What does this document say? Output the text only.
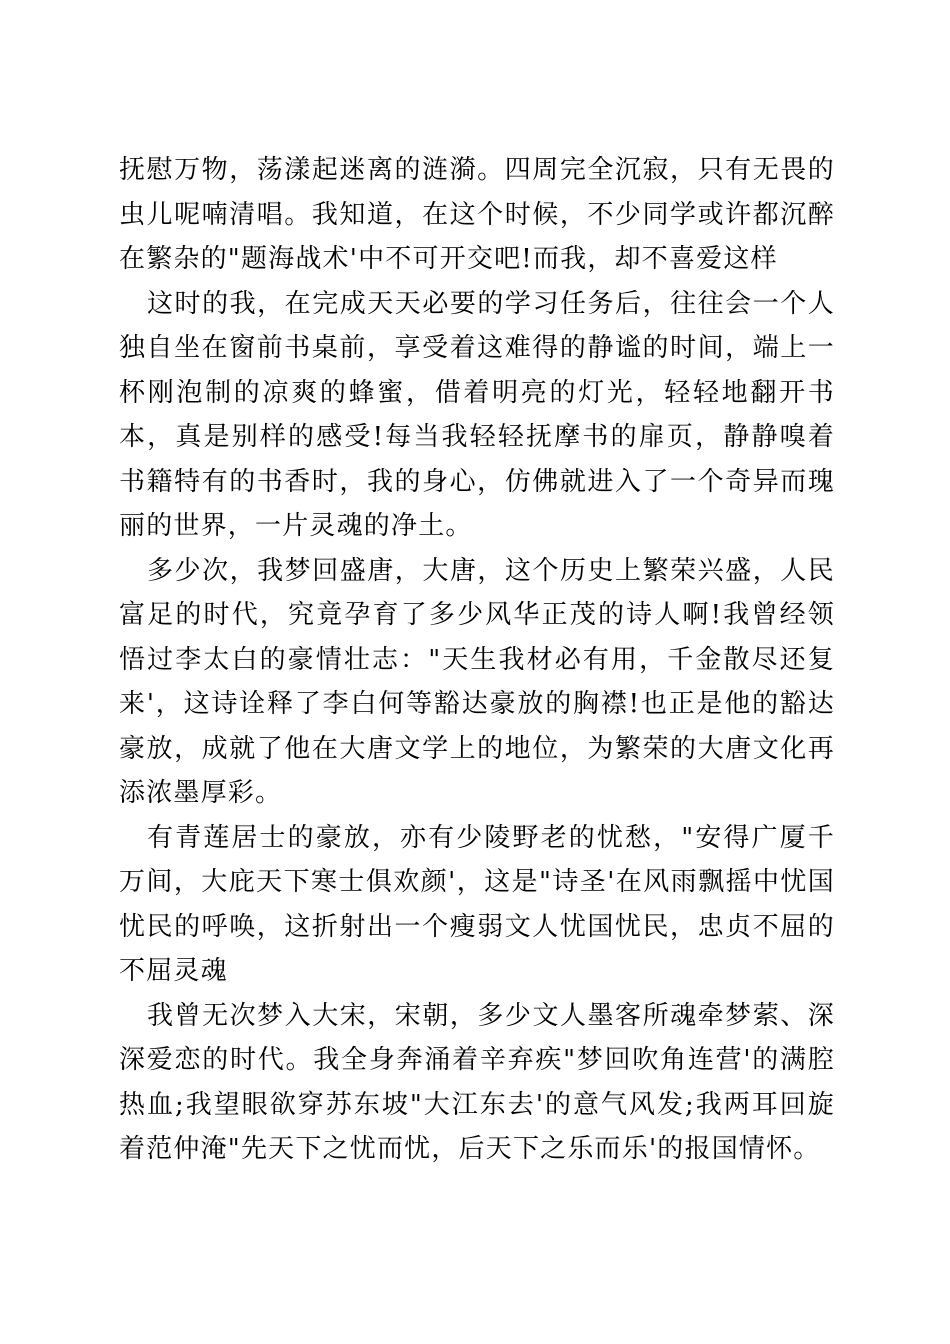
抚慰万物，荡漾起迷离的涟漪。四周完全沉寂，只有无畏的虫儿呢喃清唱。我知道，在这个时候，不少同学或许都沉醉在繁杂的"题海战术'中不可开交吧!而我，却不喜爱这样

这时的我，在完成天天必要的学习任务后，往往会一个人独自坐在窗前书桌前，享受着这难得的静谧的时间，端上一杯刚泡制的凉爽的蜂蜜，借着明亮的灯光，轻轻地翻开书本，真是别样的感受!每当我轻轻抚摩书的扉页，静静嗅着书籍特有的书香时，我的身心，仿佛就进入了一个奇异而瑰丽的世界，一片灵魂的净土。

多少次，我梦回盛唐，大唐，这个历史上繁荣兴盛，人民富足的时代，究竟孕育了多少风华正茂的诗人啊!我曾经领悟过李太白的豪情壮志："天生我材必有用，千金散尽还复来'，这诗诠释了李白何等豁达豪放的胸襟!也正是他的豁达豪放，成就了他在大唐文学上的地位，为繁荣的大唐文化再添浓墨厚彩。

有青莲居士的豪放，亦有少陵野老的忧愁，"安得广厦千万间，大庇天下寒士俱欢颜'，这是"诗圣'在风雨飘摇中忧国忧民的呼唤，这折射出一个瘦弱文人忧国忧民，忠贞不屈的不屈灵魂

我曾无次梦入大宋，宋朝，多少文人墨客所魂牵梦萦、深深爱恋的时代。我全身奔涌着辛弃疾"梦回吹角连营'的满腔热血;我望眼欲穿苏东坡"大江东去'的意气风发;我两耳回旋着范仲淹"先天下之忧而忧，后天下之乐而乐'的报国情怀。
